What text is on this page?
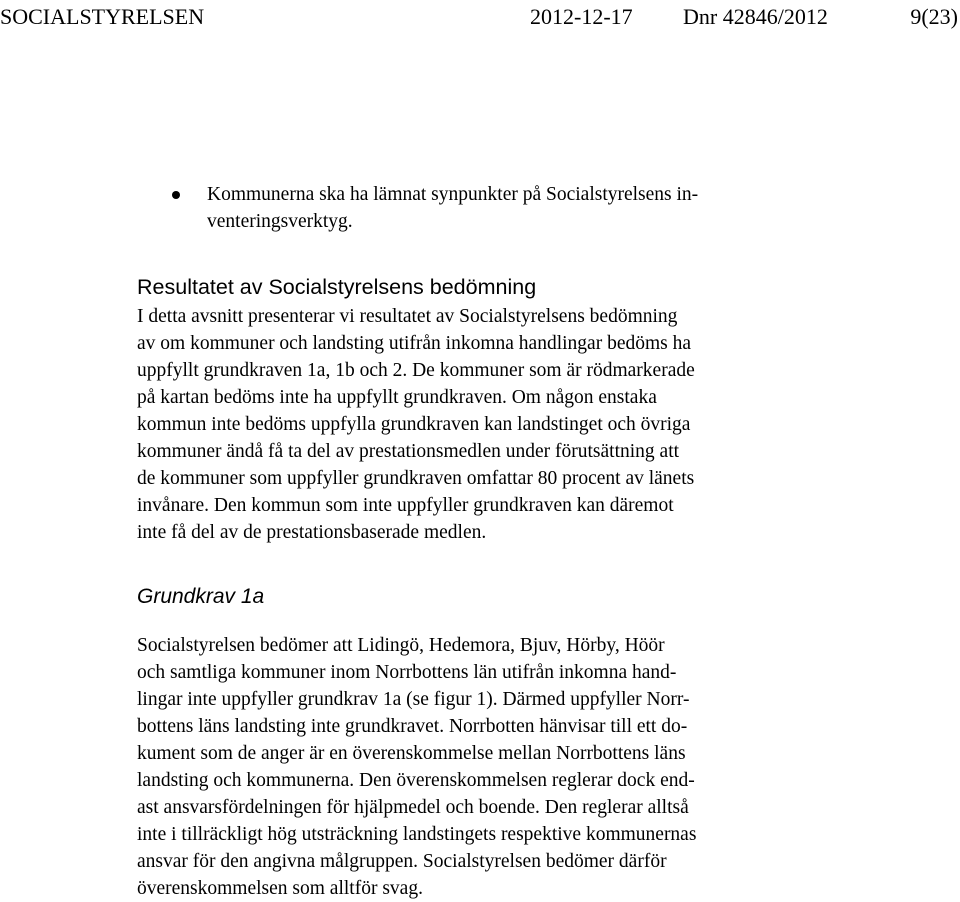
SOCIALSTYRELSEN	2012-12-17 Dnr 42846/2012	9(23)
Kommunerna ska ha lämnat synpunkter på Socialstyrelsens in-
venteringsverktyg.
Resultatet av Socialstyrelsens bedömning

I detta avsnitt presenterar vi resultatet av Socialstyrelsens bedömning
av om kommuner och landsting utifrån inkomna handlingar bedöms ha
uppfyllt grundkraven 1a, 1b och 2. De kommuner som är rödmarkerade
på kartan bedöms inte ha uppfyllt grundkraven. Om någon enstaka
kommun inte bedöms uppfylla grundkraven kan landstinget och övriga
kommuner ändå få ta del av prestationsmedlen under förutsättning att
de kommuner som uppfyller grundkraven omfattar 80 procent av länets
invånare. Den kommun som inte uppfyller grundkraven kan däremot
inte få del av de prestationsbaserade medlen.

Grundkrav 1a

Socialstyrelsen bedömer att Lidingö, Hedemora, Bjuv, Hörby, Höör
och samtliga kommuner inom Norrbottens län utifrån inkomna hand-
lingar inte uppfyller grundkrav 1a (se figur 1). Därmed uppfyller Norr-
bottens läns landsting inte grundkravet. Norrbotten hänvisar till ett do-
kument som de anger är en överenskommelse mellan Norrbottens läns
landsting och kommunerna. Den överenskommelsen reglerar dock end-
ast ansvarsfördelningen för hjälpmedel och boende. Den reglerar alltså
inte i tillräckligt hög utsträckning landstingets respektive kommunernas
ansvar för den angivna målgruppen. Socialstyrelsen bedömer därför
överenskommelsen som alltför svag.
